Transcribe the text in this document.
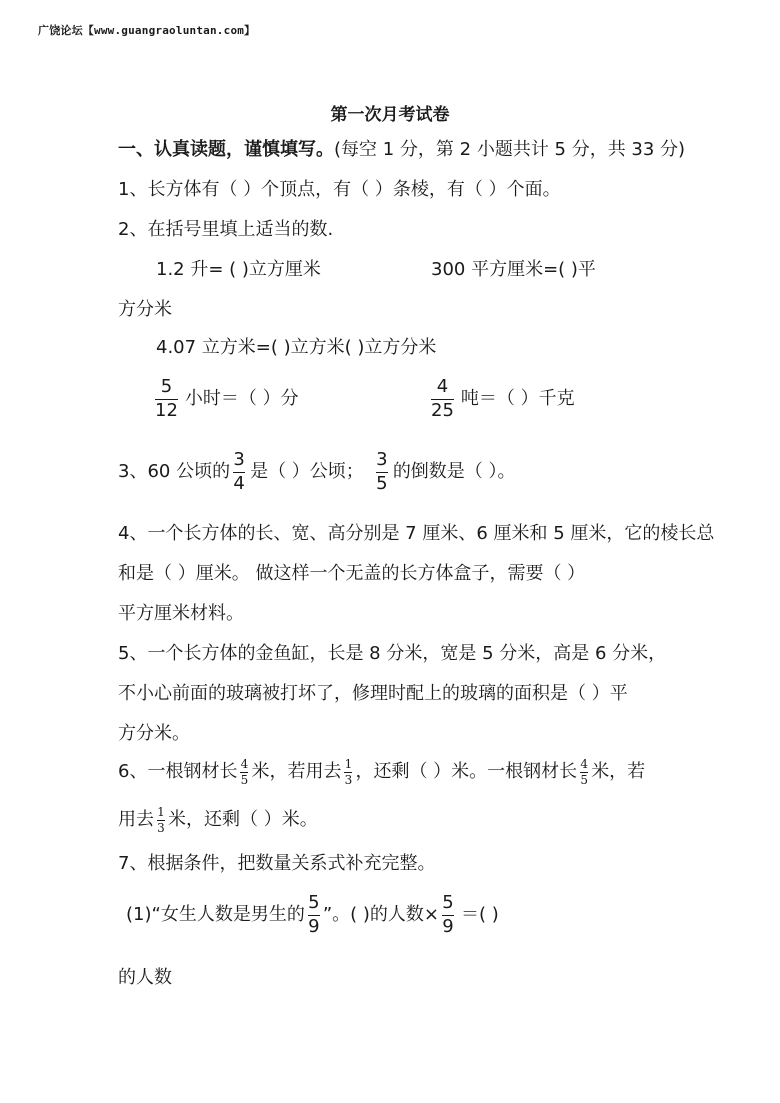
广饶论坛【www.guangraoluntan.com】
第一次月考试卷
一、认真读题，谨慎填写。(每空 1 分，第 2 小题共计 5 分，共 33 分)
1、长方体有（ ）个顶点，有（ ）条棱，有（ ）个面。
2、在括号里填上适当的数.
1.2 升= ( )立方厘米	300 平方厘米=( )平
方分米
4.07 立方米=( )立方米( )立方分米
$\frac{5}{12}$ 小时＝（ ）分	$\frac{4}{25}$ 吨＝（ ）千克
3、60 公顷的 $\frac{3}{4}$ 是（ ）公顷； $\frac{3}{5}$ 的倒数是（ ）。
4、一个长方体的长、宽、高分别是 7 厘米、6 厘米和 5 厘米，它的棱长总
和是（ ）厘米。 做这样一个无盖的长方体盒子，需要（ ）
平方厘米材料。
5、一个长方体的金鱼缸，长是 8 分米，宽是 5 分米，高是 6 分米，
不小心前面的玻璃被打坏了，修理时配上的玻璃的面积是（ ）平
方分米。
6、一根钢材长 $\frac{4}{5}$ 米，若用去 $\frac{1}{3}$ ，还剩（ ）米。一根钢材长 $\frac{4}{5}$ 米，若
用去 $\frac{1}{3}$ 米，还剩（ ）米。
7、根据条件，把数量关系式补充完整。
(1)“女生人数是男生的 $\frac{5}{9}$ ”。( )的人数× $\frac{5}{9}$ ＝( )
的人数
